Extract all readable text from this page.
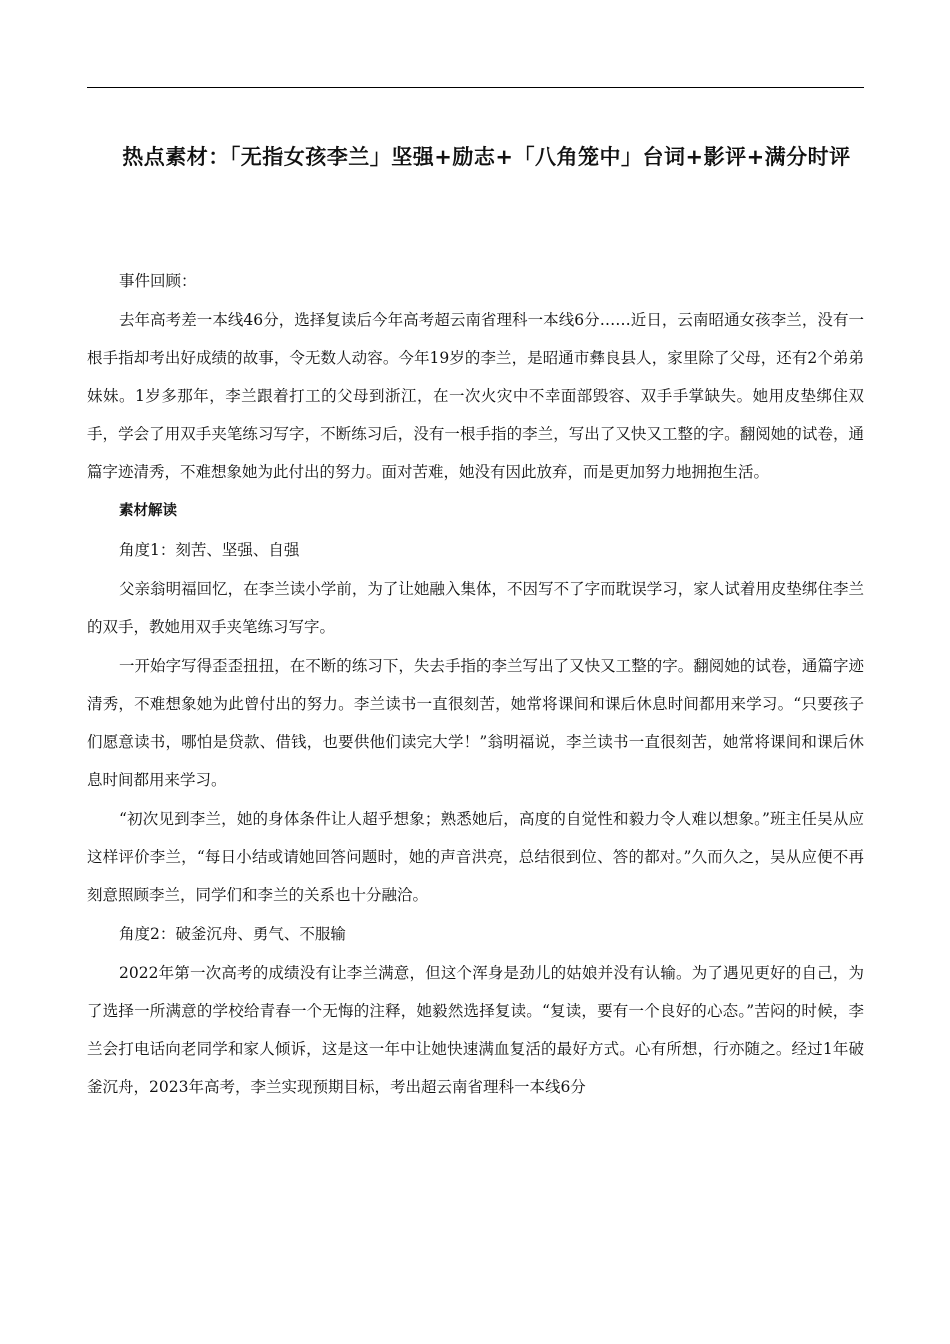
热点素材：「无指女孩李兰」坚强+励志+「八角笼中」台词+影评+满分时评

事件回顾：

去年高考差一本线46分，选择复读后今年高考超云南省理科一本线6分……近日，云南昭通女孩李兰，没有一根手指却考出好成绩的故事，令无数人动容。今年19岁的李兰，是昭通市彝良县人，家里除了父母，还有2个弟弟妹妹。1岁多那年，李兰跟着打工的父母到浙江，在一次火灾中不幸面部毁容、双手手掌缺失。她用皮垫绑住双手，学会了用双手夹笔练习写字，不断练习后，没有一根手指的李兰，写出了又快又工整的字。翻阅她的试卷，通篇字迹清秀，不难想象她为此付出的努力。面对苦难，她没有因此放弃，而是更加努力地拥抱生活。

素材解读

角度1：刻苦、坚强、自强

父亲翁明福回忆，在李兰读小学前，为了让她融入集体，不因写不了字而耽误学习，家人试着用皮垫绑住李兰的双手，教她用双手夹笔练习写字。

一开始字写得歪歪扭扭，在不断的练习下，失去手指的李兰写出了又快又工整的字。翻阅她的试卷，通篇字迹清秀，不难想象她为此曾付出的努力。李兰读书一直很刻苦，她常将课间和课后休息时间都用来学习。“只要孩子们愿意读书，哪怕是贷款、借钱，也要供他们读完大学！”翁明福说，李兰读书一直很刻苦，她常将课间和课后休息时间都用来学习。

“初次见到李兰，她的身体条件让人超乎想象；熟悉她后，高度的自觉性和毅力令人难以想象。”班主任吴从应这样评价李兰，“每日小结或请她回答问题时，她的声音洪亮，总结很到位、答的都对。”久而久之，吴从应便不再刻意照顾李兰，同学们和李兰的关系也十分融洽。

角度2：破釜沉舟、勇气、不服输

2022年第一次高考的成绩没有让李兰满意，但这个浑身是劲儿的姑娘并没有认输。为了遇见更好的自己，为了选择一所满意的学校给青春一个无悔的注释，她毅然选择复读。“复读，要有一个良好的心态。”苦闷的时候，李兰会打电话向老同学和家人倾诉，这是这一年中让她快速满血复活的最好方式。心有所想，行亦随之。经过1年破釜沉舟，2023年高考，李兰实现预期目标，考出超云南省理科一本线6分
